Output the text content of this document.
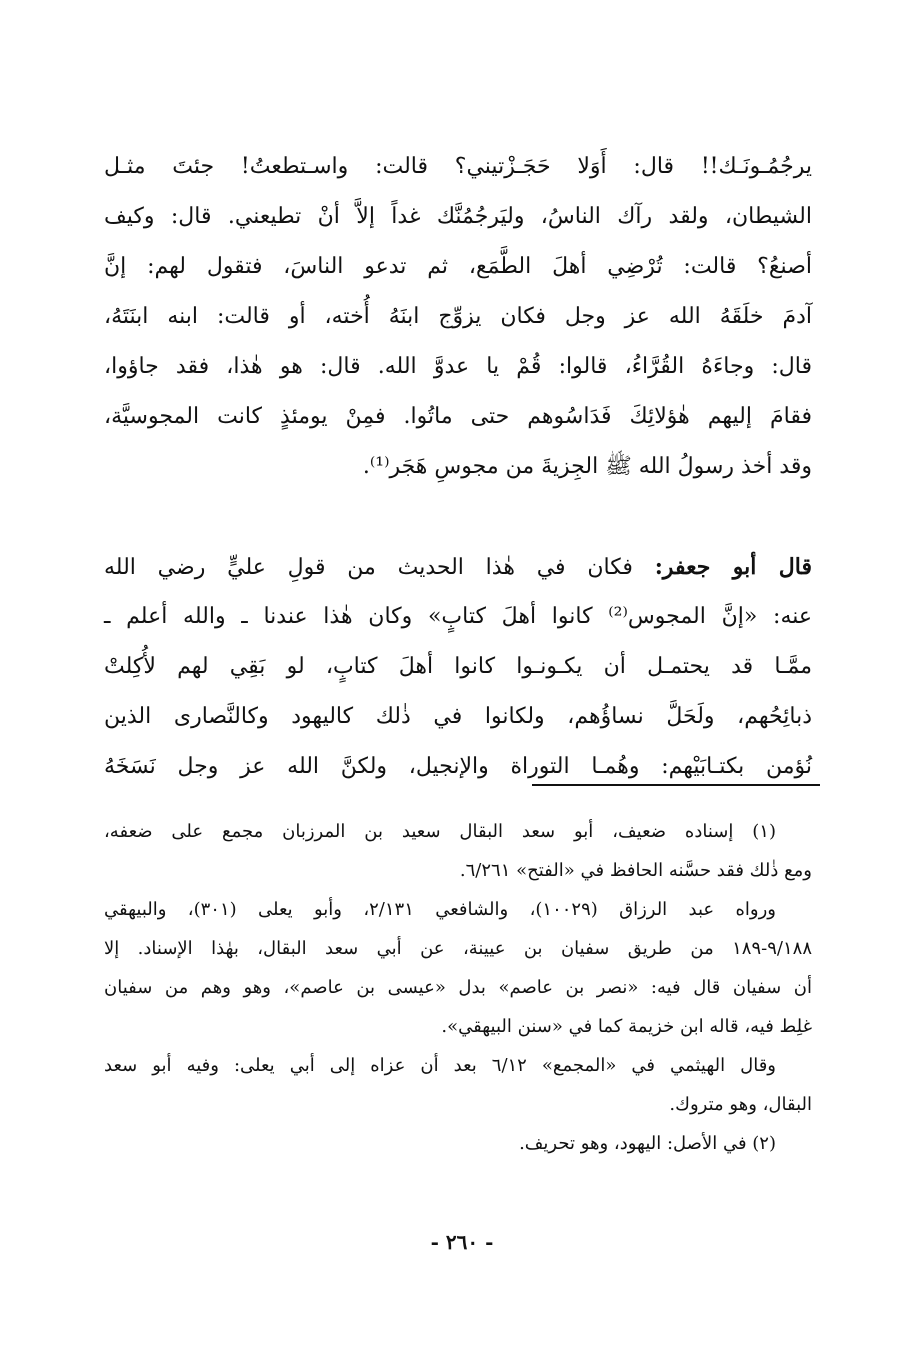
يرجُمُـونَـك!! قال: أَوَلا حَجَـزْتيني؟ قالت: واسـتطعتُ! جئتَ مثـل
الشيطان، ولقد رآك الناسُ، وليَرجُمُنَّك غداً إلاَّ أنْ تطيعني. قال: وكيف
أصنعُ؟ قالت: تُرْضِي أهلَ الطَّمَع، ثم تدعو الناسَ، فتقول لهم: إنَّ
آدمَ خلَقَهُ الله عز وجل فكان يزوِّج ابنَهُ أُخته، أو قالت: ابنه ابنَتَهُ،
قال: وجاءَهُ القُرَّاءُ، قالوا: قُمْ يا عدوَّ الله. قال: هو هٰذا، فقد جاؤوا،
فقامَ إليهم هٰؤلائِكَ فَدَاسُوهم حتى ماتُوا. فمِنْ يومئذٍ كانت المجوسيَّة،
وقد أخذ رسولُ الله ﷺ الجِزيةَ من مجوسِ هَجَر⁽¹⁾.
قال أبو جعفر: فكان في هٰذا الحديث من قولِ عليٍّ رضي الله
عنه: «إنَّ المجوس⁽²⁾ كانوا أهلَ كتابٍ» وكان هٰذا عندنا ـ والله أعلم ـ
ممَّـا قد يحتمـل أن يكـونـوا كانوا أهلَ كتابٍ، لو بَقِي لهم لأُكِلتْ
ذبائِحُهم، ولَحَلَّ نساؤُهم، ولكانوا في ذٰلك كاليهود وكالنَّصارى الذين
نُؤمن بكتـابَيْهم: وهُمـا التوراة والإنجيل، ولكنَّ الله عز وجل نَسَخَهُ
(١) إسناده ضعيف، أبو سعد البقال سعيد بن المرزبان مجمع على ضعفه،
ومع ذٰلك فقد حسَّنه الحافظ في «الفتح» ٦/٢٦١.
ورواه عبد الرزاق (١٠٠٢٩)، والشافعي ٢/١٣١، وأبو يعلى (٣٠١)، والبيهقي
٩/١٨٨-١٨٩ من طريق سفيان بن عيينة، عن أبي سعد البقال، بهٰذا الإسناد. إلا
أن سفيان قال فيه: «نصر بن عاصم» بدل «عيسى بن عاصم»، وهو وهم من سفيان
غلِط فيه، قاله ابن خزيمة كما في «سنن البيهقي».
وقال الهيثمي في «المجمع» ٦/١٢ بعد أن عزاه إلى أبي يعلى: وفيه أبو سعد
البقال، وهو متروك.
(٢) في الأصل: اليهود، وهو تحريف.
- ٢٦٠ -
